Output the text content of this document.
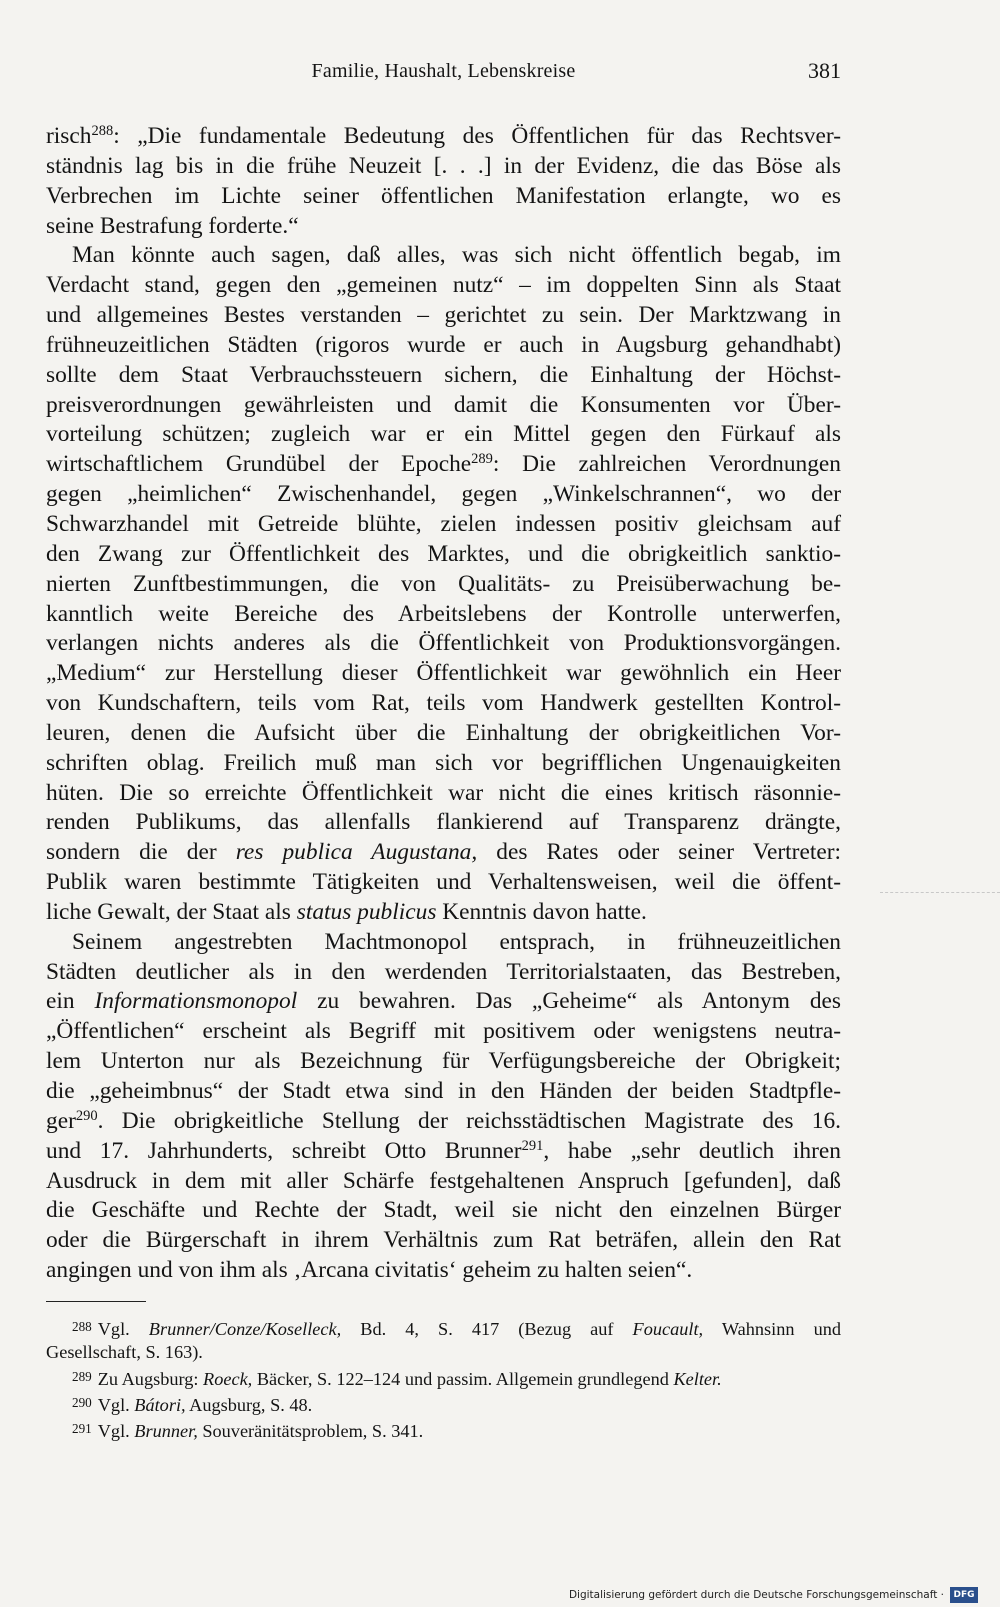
Familie, Haushalt, Lebenskreise	381

risch$^{288}$: „Die fundamentale Bedeutung des Öffentlichen für das Rechtsver-
ständnis lag bis in die frühe Neuzeit [. . .] in der Evidenz, die das Böse als
Verbrechen im Lichte seiner öffentlichen Manifestation erlangte, wo es
seine Bestrafung forderte.“

Man könnte auch sagen, daß alles, was sich nicht öffentlich begab, im
Verdacht stand, gegen den „gemeinen nutz“ – im doppelten Sinn als Staat
und allgemeines Bestes verstanden – gerichtet zu sein. Der Marktzwang in
frühneuzeitlichen Städten (rigoros wurde er auch in Augsburg gehandhabt)
sollte dem Staat Verbrauchssteuern sichern, die Einhaltung der Höchst-
preisverordnungen gewährleisten und damit die Konsumenten vor Über-
vorteilung schützen; zugleich war er ein Mittel gegen den Fürkauf als
wirtschaftlichem Grundübel der Epoche$^{289}$: Die zahlreichen Verordnungen
gegen „heimlichen“ Zwischenhandel, gegen „Winkelschrannen“, wo der
Schwarzhandel mit Getreide blühte, zielen indessen positiv gleichsam auf
den Zwang zur Öffentlichkeit des Marktes, und die obrigkeitlich sanktio-
nierten Zunftbestimmungen, die von Qualitäts- zu Preisüberwachung be-
kanntlich weite Bereiche des Arbeitslebens der Kontrolle unterwerfen,
verlangen nichts anderes als die Öffentlichkeit von Produktionsvorgängen.
„Medium“ zur Herstellung dieser Öffentlichkeit war gewöhnlich ein Heer
von Kundschaftern, teils vom Rat, teils vom Handwerk gestellten Kontrol-
leuren, denen die Aufsicht über die Einhaltung der obrigkeitlichen Vor-
schriften oblag. Freilich muß man sich vor begrifflichen Ungenauigkeiten
hüten. Die so erreichte Öffentlichkeit war nicht die eines kritisch räsonnie-
renden Publikums, das allenfalls flankierend auf Transparenz drängte,
sondern die der res publica Augustana, des Rates oder seiner Vertreter:
Publik waren bestimmte Tätigkeiten und Verhaltensweisen, weil die öffent-
liche Gewalt, der Staat als status publicus Kenntnis davon hatte.

Seinem angestrebten Machtmonopol entsprach, in frühneuzeitlichen
Städten deutlicher als in den werdenden Territorialstaaten, das Bestreben,
ein Informationsmonopol zu bewahren. Das „Geheime“ als Antonym des
„Öffentlichen“ erscheint als Begriff mit positivem oder wenigstens neutra-
lem Unterton nur als Bezeichnung für Verfügungsbereiche der Obrigkeit;
die „geheimbnus“ der Stadt etwa sind in den Händen der beiden Stadtpfle-
ger$^{290}$. Die obrigkeitliche Stellung der reichsstädtischen Magistrate des 16.
und 17. Jahrhunderts, schreibt Otto Brunner$^{291}$, habe „sehr deutlich ihren
Ausdruck in dem mit aller Schärfe festgehaltenen Anspruch [gefunden], daß
die Geschäfte und Rechte der Stadt, weil sie nicht den einzelnen Bürger
oder die Bürgerschaft in ihrem Verhältnis zum Rat beträfen, allein den Rat
angingen und von ihm als ‚Arcana civitatis‘ geheim zu halten seien“.

$^{288}$ Vgl. Brunner/Conze/Koselleck, Bd. 4, S. 417 (Bezug auf Foucault, Wahnsinn und
Gesellschaft, S. 163).
$^{289}$ Zu Augsburg: Roeck, Bäcker, S. 122–124 und passim. Allgemein grundlegend Kelter.
$^{290}$ Vgl. Bátori, Augsburg, S. 48.
$^{291}$ Vgl. Brunner, Souveränitätsproblem, S. 341.
Digitalisierung gefördert durch die Deutsche Forschungsgemeinschaft ·	DFG
